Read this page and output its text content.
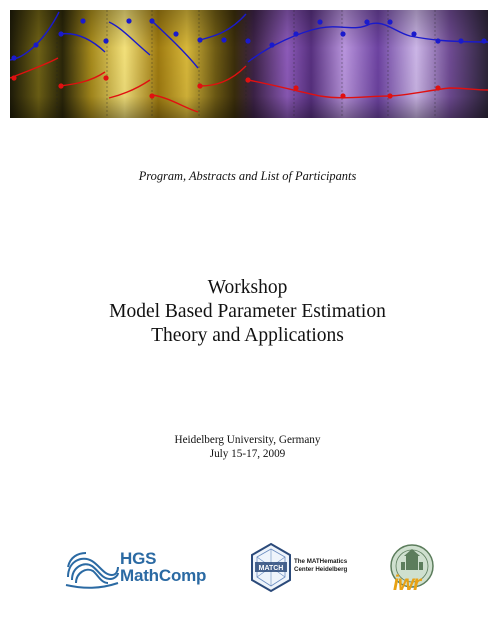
Program, Abstracts and List of Participants
Workshop
Model Based Parameter Estimation
Theory and Applications
Heidelberg University, Germany
July 15-17, 2009
HGS
MathComp	MATCH
The MATHematics
Center Heidelberg
iwr
